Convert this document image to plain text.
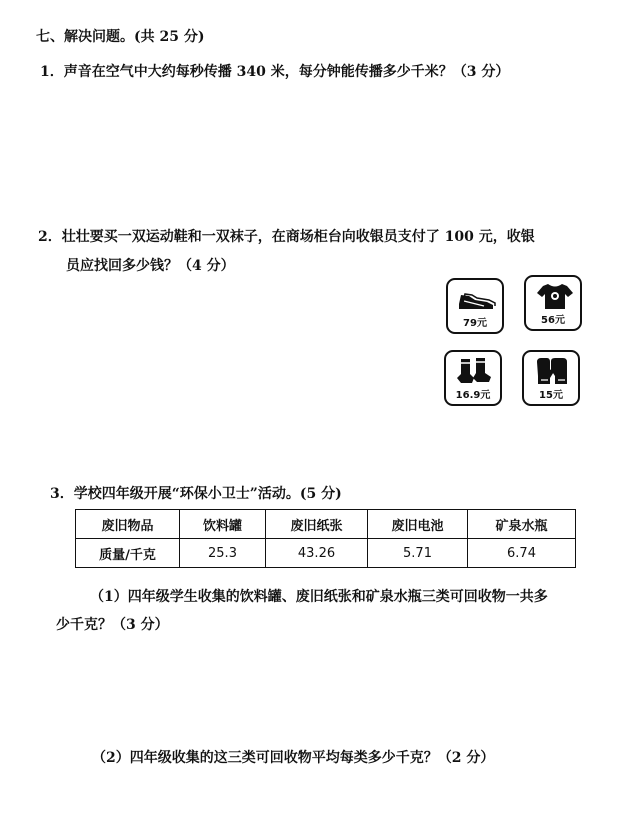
七、解决问题。(共 25 分)
1．声音在空气中大约每秒传播 340 米，每分钟能传播多少千米？（3 分）
2．壮壮要买一双运动鞋和一双袜子，在商场柜台向收银员支付了 100 元，收银
员应找回多少钱？（4 分）
79元	56元
16.9元	15元
3．学校四年级开展“环保小卫士”活动。(5 分)
废旧物品	饮料罐	废旧纸张	废旧电池	矿泉水瓶
质量/千克	25.3	43.26	5.71	6.74
（1）四年级学生收集的饮料罐、废旧纸张和矿泉水瓶三类可回收物一共多
少千克？（3 分）
（2）四年级收集的这三类可回收物平均每类多少千克？（2 分）
